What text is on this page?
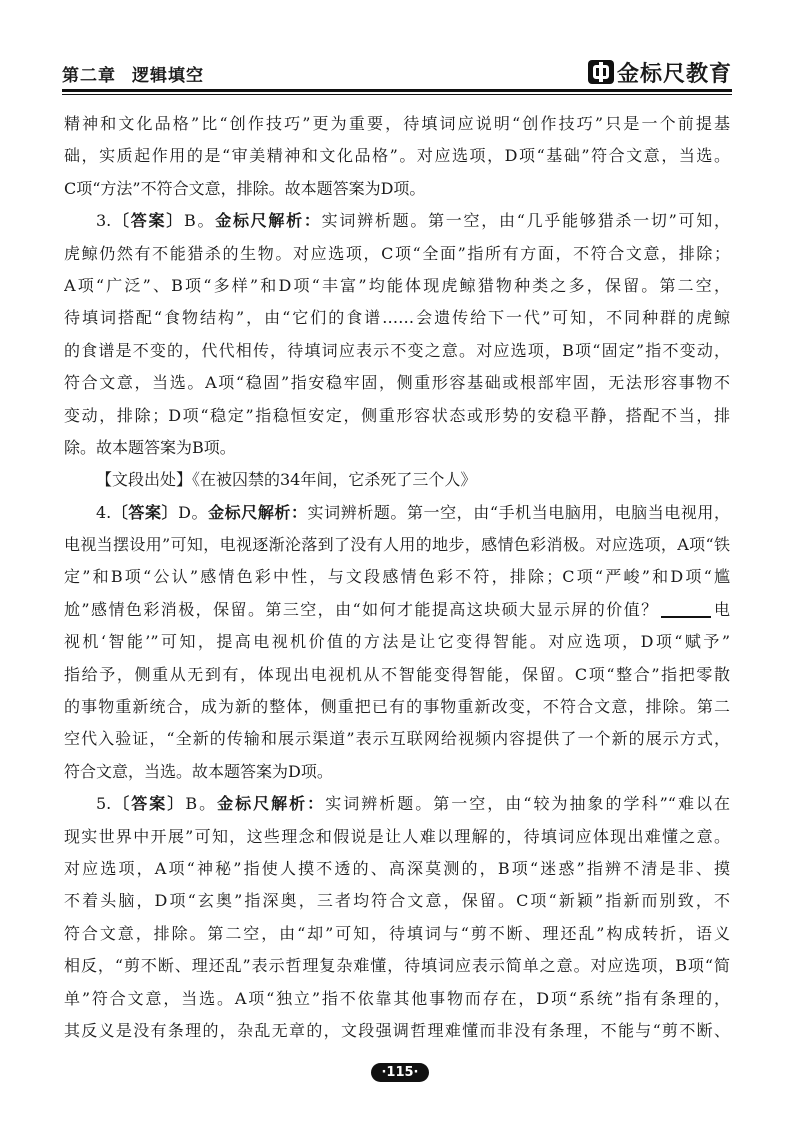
第二章 逻辑填空	金标尺教育
精神和文化品格”比“创作技巧”更为重要，待填词应说明“创作技巧”只是一个前提基
础，实质起作用的是“审美精神和文化品格”。对应选项，D项“基础”符合文意，当选。
C项“方法”不符合文意，排除。故本题答案为D项。
3.〔答案〕B。金标尺解析：实词辨析题。第一空，由“几乎能够猎杀一切”可知，
虎鲸仍然有不能猎杀的生物。对应选项，C项“全面”指所有方面，不符合文意，排除；
A项“广泛”、B项“多样”和D项“丰富”均能体现虎鲸猎物种类之多，保留。第二空，
待填词搭配“食物结构”，由“它们的食谱……会遗传给下一代”可知，不同种群的虎鲸
的食谱是不变的，代代相传，待填词应表示不变之意。对应选项，B项“固定”指不变动，
符合文意，当选。A项“稳固”指安稳牢固，侧重形容基础或根部牢固，无法形容事物不
变动，排除；D项“稳定”指稳恒安定，侧重形容状态或形势的安稳平静，搭配不当，排
除。故本题答案为B项。
【文段出处】《在被囚禁的34年间，它杀死了三个人》
4.〔答案〕D。金标尺解析：实词辨析题。第一空，由“手机当电脑用，电脑当电视用，
电视当摆设用”可知，电视逐渐沦落到了没有人用的地步，感情色彩消极。对应选项，A项“铁
定”和B项“公认”感情色彩中性，与文段感情色彩不符，排除；C项“严峻”和D项“尴
尬”感情色彩消极，保留。第三空，由“如何才能提高这块硕大显示屏的价值？	电
视机‘智能’”可知，提高电视机价值的方法是让它变得智能。对应选项，D项“赋予”
指给予，侧重从无到有，体现出电视机从不智能变得智能，保留。C项“整合”指把零散
的事物重新统合，成为新的整体，侧重把已有的事物重新改变，不符合文意，排除。第二
空代入验证，“全新的传输和展示渠道”表示互联网给视频内容提供了一个新的展示方式，
符合文意，当选。故本题答案为D项。
5.〔答案〕B。金标尺解析：实词辨析题。第一空，由“较为抽象的学科”“难以在
现实世界中开展”可知，这些理念和假说是让人难以理解的，待填词应体现出难懂之意。
对应选项，A项“神秘”指使人摸不透的、高深莫测的，B项“迷惑”指辨不清是非、摸
不着头脑，D项“玄奥”指深奥，三者均符合文意，保留。C项“新颖”指新而别致，不
符合文意，排除。第二空，由“却”可知，待填词与“剪不断、理还乱”构成转折，语义
相反，“剪不断、理还乱”表示哲理复杂难懂，待填词应表示简单之意。对应选项，B项“简
单”符合文意，当选。A项“独立”指不依靠其他事物而存在，D项“系统”指有条理的，
其反义是没有条理的，杂乱无章的，文段强调哲理难懂而非没有条理，不能与“剪不断、
·115·
